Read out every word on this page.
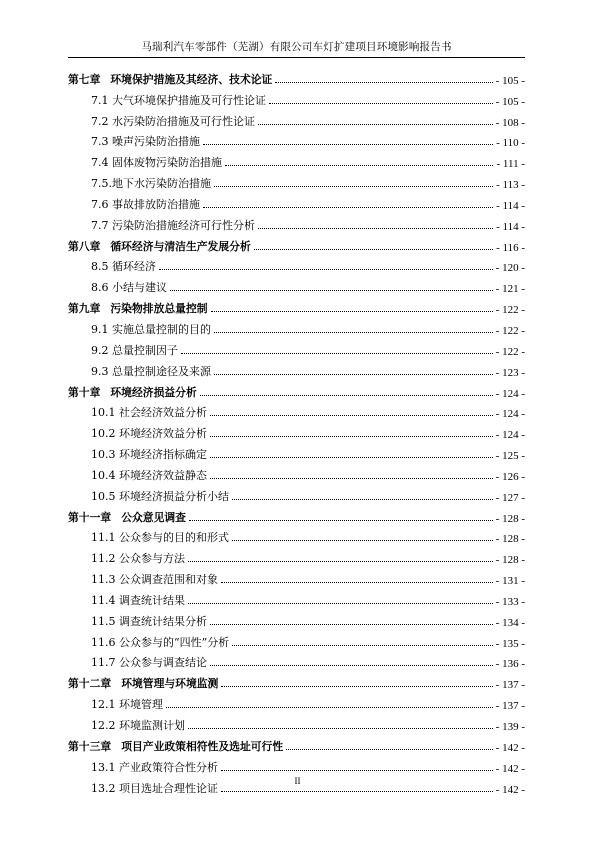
马瑞利汽车零部件（芜湖）有限公司车灯扩建项目环境影响报告书
第七章 环境保护措施及其经济、技术论证	- 105 -
7.1 大气环境保护措施及可行性论证	- 105 -
7.2 水污染防治措施及可行性论证	- 108 -
7.3 噪声污染防治措施	- 110 -
7.4 固体废物污染防治措施	- 111 -
7.5.地下水污染防治措施	- 113 -
7.6 事故排放防治措施	- 114 -
7.7 污染防治措施经济可行性分析	- 114 -
第八章 循环经济与清洁生产发展分析	- 116 -
8.5 循环经济	- 120 -
8.6 小结与建议	- 121 -
第九章 污染物排放总量控制	- 122 -
9.1 实施总量控制的目的	- 122 -
9.2 总量控制因子	- 122 -
9.3 总量控制途径及来源	- 123 -
第十章 环境经济损益分析	- 124 -
10.1 社会经济效益分析	- 124 -
10.2 环境经济效益分析	- 124 -
10.3 环境经济指标确定	- 125 -
10.4 环境经济效益静态	- 126 -
10.5 环境经济损益分析小结	- 127 -
第十一章 公众意见调查	- 128 -
11.1 公众参与的目的和形式	- 128 -
11.2 公众参与方法	- 128 -
11.3 公众调查范围和对象	- 131 -
11.4 调查统计结果	- 133 -
11.5 调查统计结果分析	- 134 -
11.6 公众参与的“四性”分析	- 135 -
11.7 公众参与调查结论	- 136 -
第十二章 环境管理与环境监测	- 137 -
12.1 环境管理	- 137 -
12.2 环境监测计划	- 139 -
第十三章 项目产业政策相符性及选址可行性	- 142 -
13.1 产业政策符合性分析	- 142 -
13.2 项目选址合理性论证	- 142 -
II
